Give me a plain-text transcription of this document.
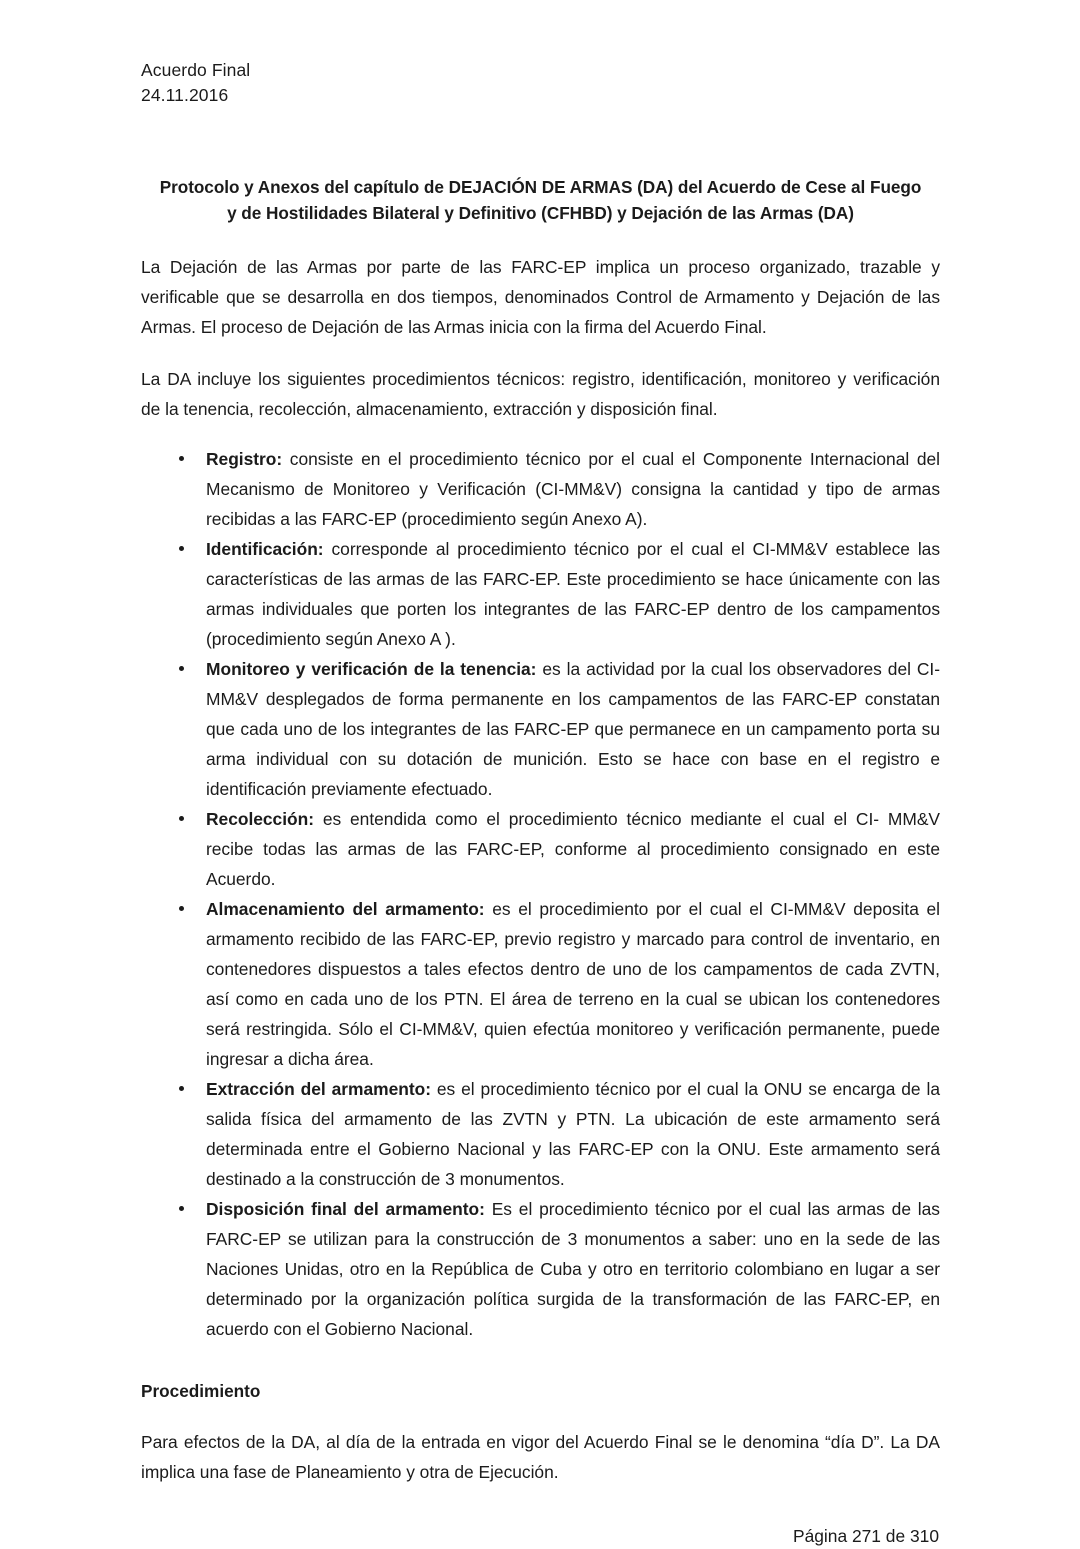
Acuerdo Final
24.11.2016
Protocolo y Anexos del capítulo de DEJACIÓN DE ARMAS (DA) del Acuerdo de Cese al Fuego y de Hostilidades Bilateral y Definitivo (CFHBD) y Dejación de las Armas (DA)

La Dejación de las Armas por parte de las FARC-EP implica un proceso organizado, trazable y verificable que se desarrolla en dos tiempos, denominados Control de Armamento y Dejación de las Armas. El proceso de Dejación de las Armas inicia con la firma del Acuerdo Final.

La DA incluye los siguientes procedimientos técnicos: registro, identificación, monitoreo y verificación de la tenencia, recolección, almacenamiento, extracción y disposición final.

Registro: consiste en el procedimiento técnico por el cual el Componente Internacional del Mecanismo de Monitoreo y Verificación (CI-MM&V) consigna la cantidad y tipo de armas recibidas a las FARC-EP (procedimiento según Anexo A).
Identificación: corresponde al procedimiento técnico por el cual el CI-MM&V establece las características de las armas de las FARC-EP. Este procedimiento se hace únicamente con las armas individuales que porten los integrantes de las FARC-EP dentro de los campamentos (procedimiento según Anexo A ).
Monitoreo y verificación de la tenencia: es la actividad por la cual los observadores del CI-MM&V desplegados de forma permanente en los campamentos de las FARC-EP constatan que cada uno de los integrantes de las FARC-EP que permanece en un campamento porta su arma individual con su dotación de munición. Esto se hace con base en el registro e identificación previamente efectuado.
Recolección: es entendida como el procedimiento técnico mediante el cual el CI- MM&V recibe todas las armas de las FARC-EP, conforme al procedimiento consignado en este Acuerdo.
Almacenamiento del armamento: es el procedimiento por el cual el CI-MM&V deposita el armamento recibido de las FARC-EP, previo registro y marcado para control de inventario, en contenedores dispuestos a tales efectos dentro de uno de los campamentos de cada ZVTN, así como en cada uno de los PTN. El área de terreno en la cual se ubican los contenedores será restringida. Sólo el CI-MM&V, quien efectúa monitoreo y verificación permanente, puede ingresar a dicha área.
Extracción del armamento: es el procedimiento técnico por el cual la ONU se encarga de la salida física del armamento de las ZVTN y PTN. La ubicación de este armamento será determinada entre el Gobierno Nacional y las FARC-EP con la ONU. Este armamento será destinado a la construcción de 3 monumentos.
Disposición final del armamento: Es el procedimiento técnico por el cual las armas de las FARC-EP se utilizan para la construcción de 3 monumentos a saber: uno en la sede de las Naciones Unidas, otro en la República de Cuba y otro en territorio colombiano en lugar a ser determinado por la organización política surgida de la transformación de las FARC-EP, en acuerdo con el Gobierno Nacional.
Procedimiento

Para efectos de la DA, al día de la entrada en vigor del Acuerdo Final se le denomina “día D”. La DA implica una fase de Planeamiento y otra de Ejecución.

Página 271 de 310
